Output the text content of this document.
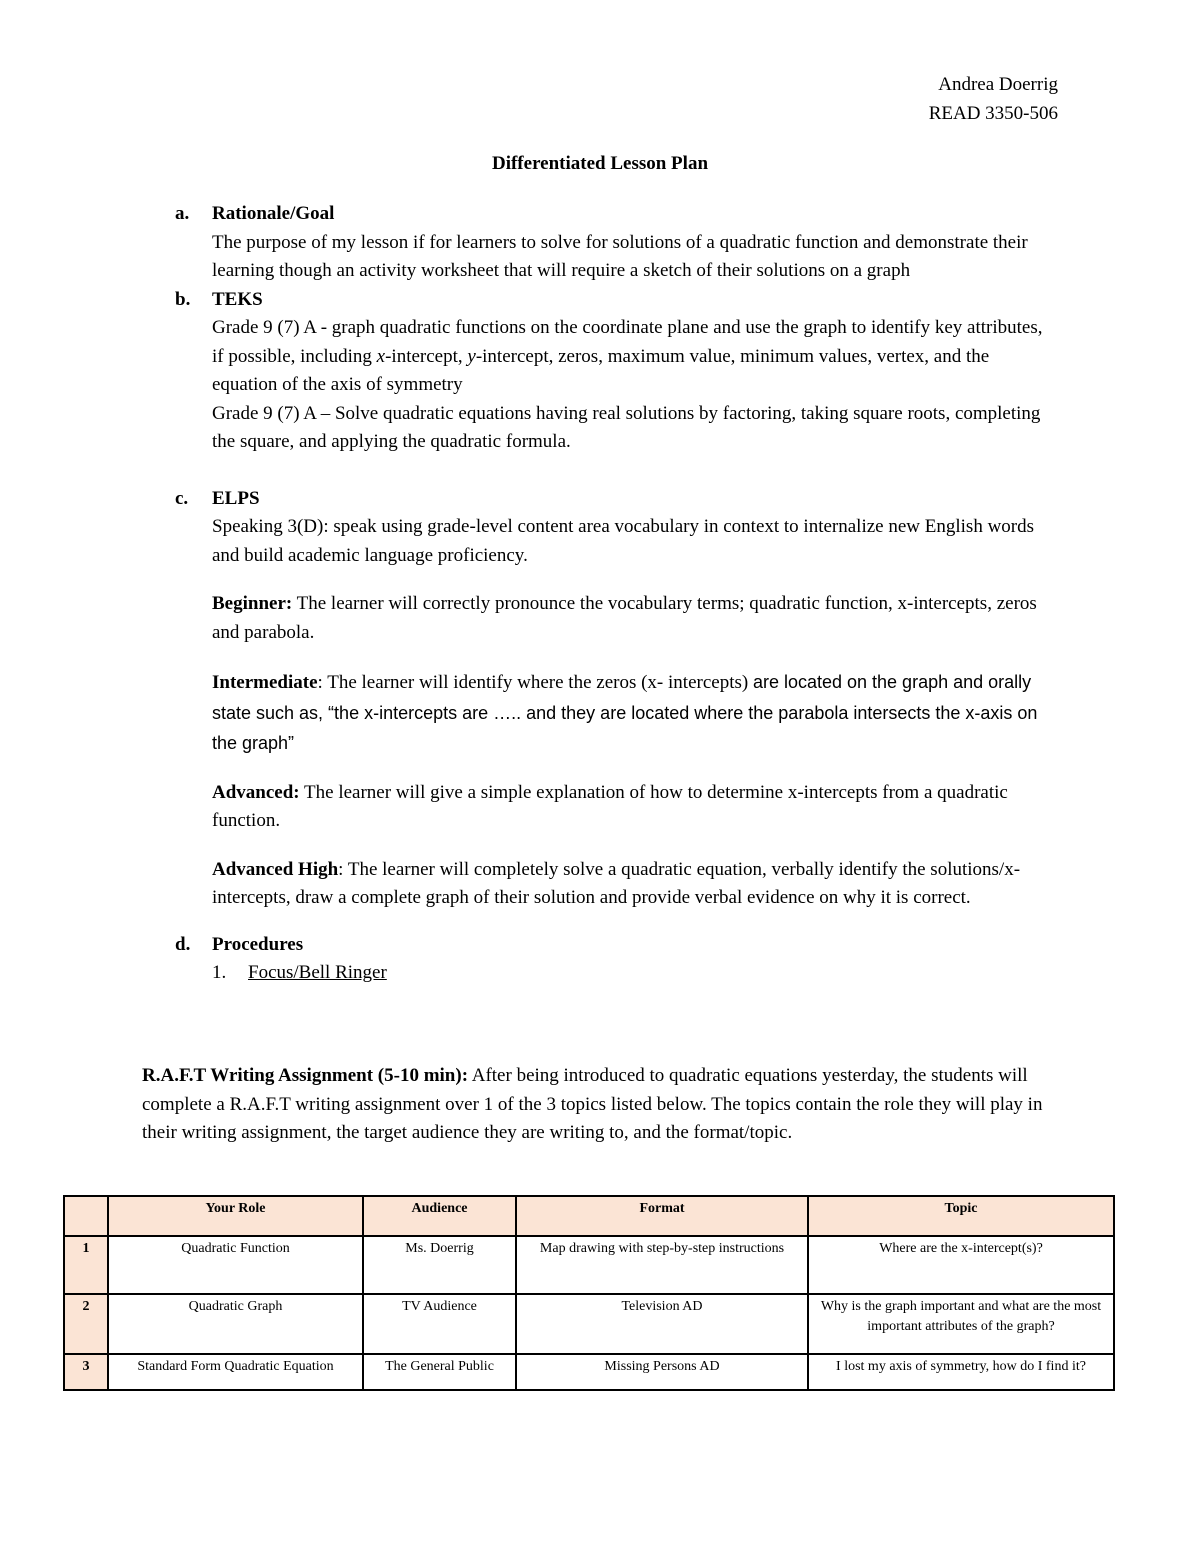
Andrea Doerrig
READ 3350-506
Differentiated Lesson Plan
a. Rationale/Goal
The purpose of my lesson if for learners to solve for solutions of a quadratic function and demonstrate their learning though an activity worksheet that will require a sketch of their solutions on a graph
b. TEKS
Grade 9 (7) A - graph quadratic functions on the coordinate plane and use the graph to identify key attributes, if possible, including x-intercept, y-intercept, zeros, maximum value, minimum values, vertex, and the equation of the axis of symmetry
Grade 9 (7) A – Solve quadratic equations having real solutions by factoring, taking square roots, completing the square, and applying the quadratic formula.
c. ELPS
Speaking 3(D): speak using grade-level content area vocabulary in context to internalize new English words and build academic language proficiency.
Beginner: The learner will correctly pronounce the vocabulary terms; quadratic function, x-intercepts, zeros and parabola.
Intermediate: The learner will identify where the zeros (x- intercepts) are located on the graph and orally state such as, “the x-intercepts are ….. and they are located where the parabola intersects the x-axis on the graph”
Advanced: The learner will give a simple explanation of how to determine x-intercepts from a quadratic function.
Advanced High: The learner will completely solve a quadratic equation, verbally identify the solutions/x-intercepts, draw a complete graph of their solution and provide verbal evidence on why it is correct.
d. Procedures
1. Focus/Bell Ringer
R.A.F.T Writing Assignment (5-10 min): After being introduced to quadratic equations yesterday, the students will complete a R.A.F.T writing assignment over 1 of the 3 topics listed below. The topics contain the role they will play in their writing assignment, the target audience they are writing to, and the format/topic.
	Your Role	Audience	Format	Topic
1	Quadratic Function	Ms. Doerrig	Map drawing with step-by-step instructions	Where are the x-intercept(s)?
2	Quadratic Graph	TV Audience	Television AD	Why is the graph important and what are the most important attributes of the graph?
3	Standard Form Quadratic Equation	The General Public	Missing Persons AD	I lost my axis of symmetry, how do I find it?
